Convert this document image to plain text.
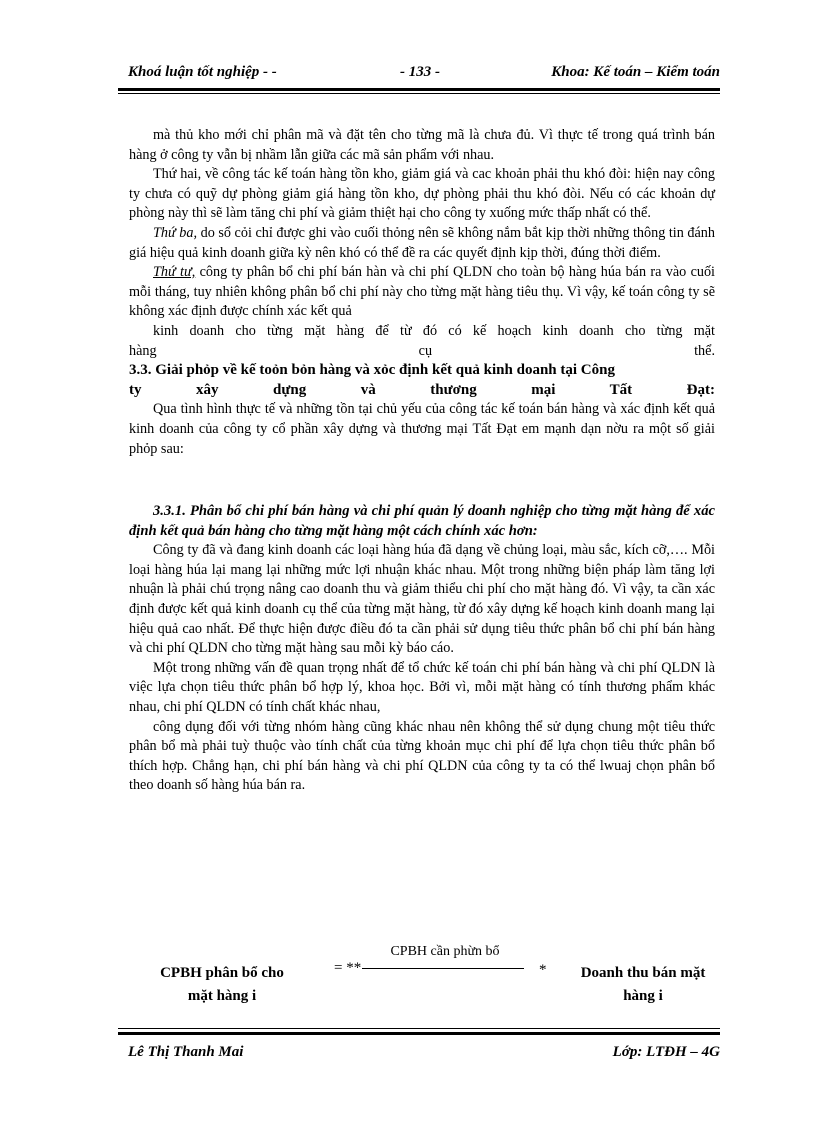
Khoá luận tốt nghiệp - -	- 133 -	Khoa: Kế toán – Kiểm toán

mà thủ kho mới chỉ phân mã và đặt tên cho từng mã là chưa đủ. Vì thực tế trong quá trình bán hàng ở công ty vẫn bị nhầm lẫn giữa các mã sản phẩm với nhau.

Thứ hai, về công tác kế toán hàng tồn kho, giảm giá và cac khoản phải thu khó đòi: hiện nay công ty chưa có quỹ dự phòng giảm giá hàng tồn kho, dự phòng phải thu khó đòi. Nếu có các khoản dự phòng này thì sẽ làm tăng chi phí và giảm thiệt hại cho công ty xuống mức thấp nhất có thể.

Thứ ba, do sổ cỏi chỉ được ghi vào cuối thỏng nên sẽ không nắm bắt kịp thời những thông tin đánh giá hiệu quả kinh doanh giữa kỳ nên khó có thể đề ra các quyết định kịp thời, đúng thời điểm.

Thứ tư, công ty phân bổ chi phí bán hàn và chi phí QLDN cho toàn bộ hàng húa bán ra vào cuối mỗi tháng, tuy nhiên không phân bổ chi phí này cho từng mặt hàng tiêu thụ. Vì vậy, kế toán công ty sẽ không xác định được chính xác kết quả

kinh doanh cho từng mặt hàng để từ đó có kế hoạch kinh doanh cho từng mặt

hàng cụ thể.

3.3. Giải phỏp về kế toỏn bỏn hàng và xỏc định kết quả kinh doanh tại Công

ty xây dựng và thương mại Tất Đạt:

Qua tình hình thực tế và những tồn tại chủ yếu của công tác kế toán bán hàng và xác định kết quả kinh doanh của công ty cổ phần xây dựng và thương mại Tất Đạt em mạnh dạn nờu ra một số giải phỏp sau:

3.3.1. Phân bổ chi phí bán hàng và chi phí quản lý doanh nghiệp cho từng mặt hàng để xác định kết quả bán hàng cho từng mặt hàng một cách chính xác hơn:

Công ty đã và đang kinh doanh các loại hàng húa đã dạng về chủng loại, màu sắc, kích cỡ,…. Mỗi loại hàng húa lại mang lại những mức lợi nhuận khác nhau. Một trong những biện pháp làm tăng lợi nhuận là phải chú trọng nâng cao doanh thu và giảm thiểu chi phí cho mặt hàng đó. Vì vậy, ta cần xác định được kết quả kinh doanh cụ thể của từng mặt hàng, từ đó xây dựng kế hoạch kinh doanh mang lại hiệu quả cao nhất. Để thực hiện được điều đó ta cần phải sử dụng tiêu thức phân bổ chi phí bán hàng và chi phí QLDN cho từng mặt hàng sau mỗi kỳ báo cáo.

Một trong những vấn đề quan trọng nhất để tổ chức kế toán chi phí bán hàng và chi phí QLDN là việc lựa chọn tiêu thức phân bổ hợp lý, khoa học. Bởi vì, mỗi mặt hàng có tính thương phẩm khác nhau, chi phí QLDN có tính chất khác nhau,

công dụng đối với từng nhóm hàng cũng khác nhau nên không thể sử dụng chung một tiêu thức phân bổ mà phải tuỳ thuộc vào tính chất của từng khoản mục chi phí để lựa chọn tiêu thức phân bổ thích hợp. Chẳng hạn, chi phí bán hàng và chi phí QLDN của công ty ta có thể lwuaj chọn phân bổ theo doanh số hàng húa bán ra.

CPBH phân bổ cho
mặt hàng i
= **
CPBH cần phừn bổ
*	Doanh thu bán mặt
hàng i
Lê Thị Thanh Mai	Lớp: LTĐH – 4G
